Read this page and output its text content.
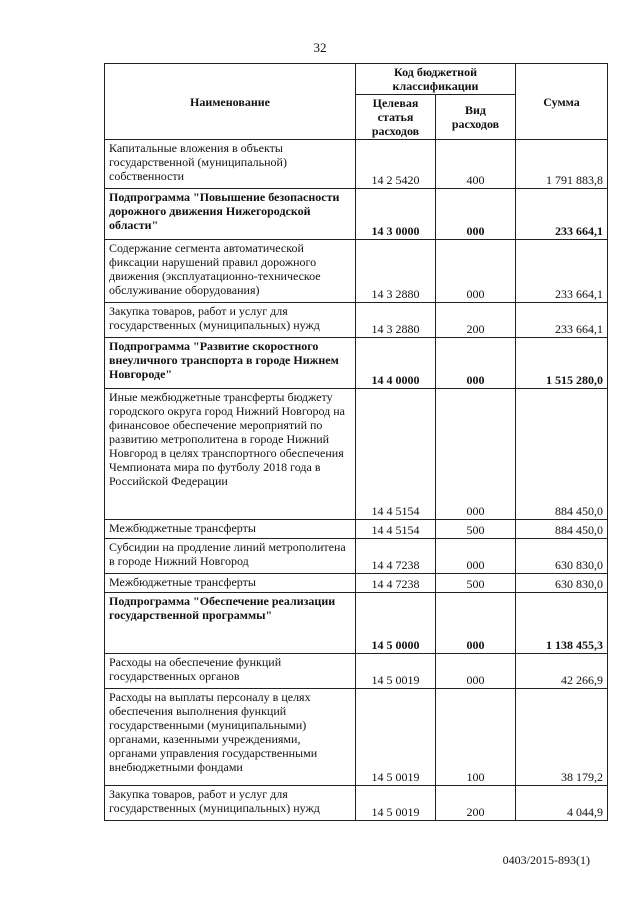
32
Наименование	Код бюджетной классификации		Сумма
	Целевая статья расходов	Вид расходов	
Капитальные вложения в объекты государственной (муниципальной) собственности	14 2 5420	400	1 791 883,8
Подпрограмма "Повышение безопасности дорожного движения Нижегородской области"	14 3 0000	000	233 664,1
Содержание сегмента автоматической фиксации нарушений правил дорожного движения (эксплуатационно-техническое обслуживание оборудования)	14 3 2880	000	233 664,1
Закупка товаров, работ и услуг для государственных (муниципальных) нужд	14 3 2880	200	233 664,1
Подпрограмма "Развитие скоростного внеуличного транспорта в городе Нижнем Новгороде"	14 4 0000	000	1 515 280,0
Иные межбюджетные трансферты бюджету городского округа город Нижний Новгород на финансовое обеспечение мероприятий по развитию метрополитена в городе Нижний Новгород в целях транспортного обеспечения Чемпионата мира по футболу 2018 года в Российской Федерации	14 4 5154	000	884 450,0
Межбюджетные трансферты	14 4 5154	500	884 450,0
Субсидии на продление линий метрополитена в городе Нижний Новгород	14 4 7238	000	630 830,0
Межбюджетные трансферты	14 4 7238	500	630 830,0
Подпрограмма "Обеспечение реализации государственной программы"	14 5 0000	000	1 138 455,3
Расходы на обеспечение функций государственных органов	14 5 0019	000	42 266,9
Расходы на выплаты персоналу в целях обеспечения выполнения функций государственными (муниципальными) органами, казенными учреждениями, органами управления государственными внебюджетными фондами	14 5 0019	100	38 179,2
Закупка товаров, работ и услуг для государственных (муниципальных) нужд	14 5 0019	200	4 044,9
0403/2015-893(1)
